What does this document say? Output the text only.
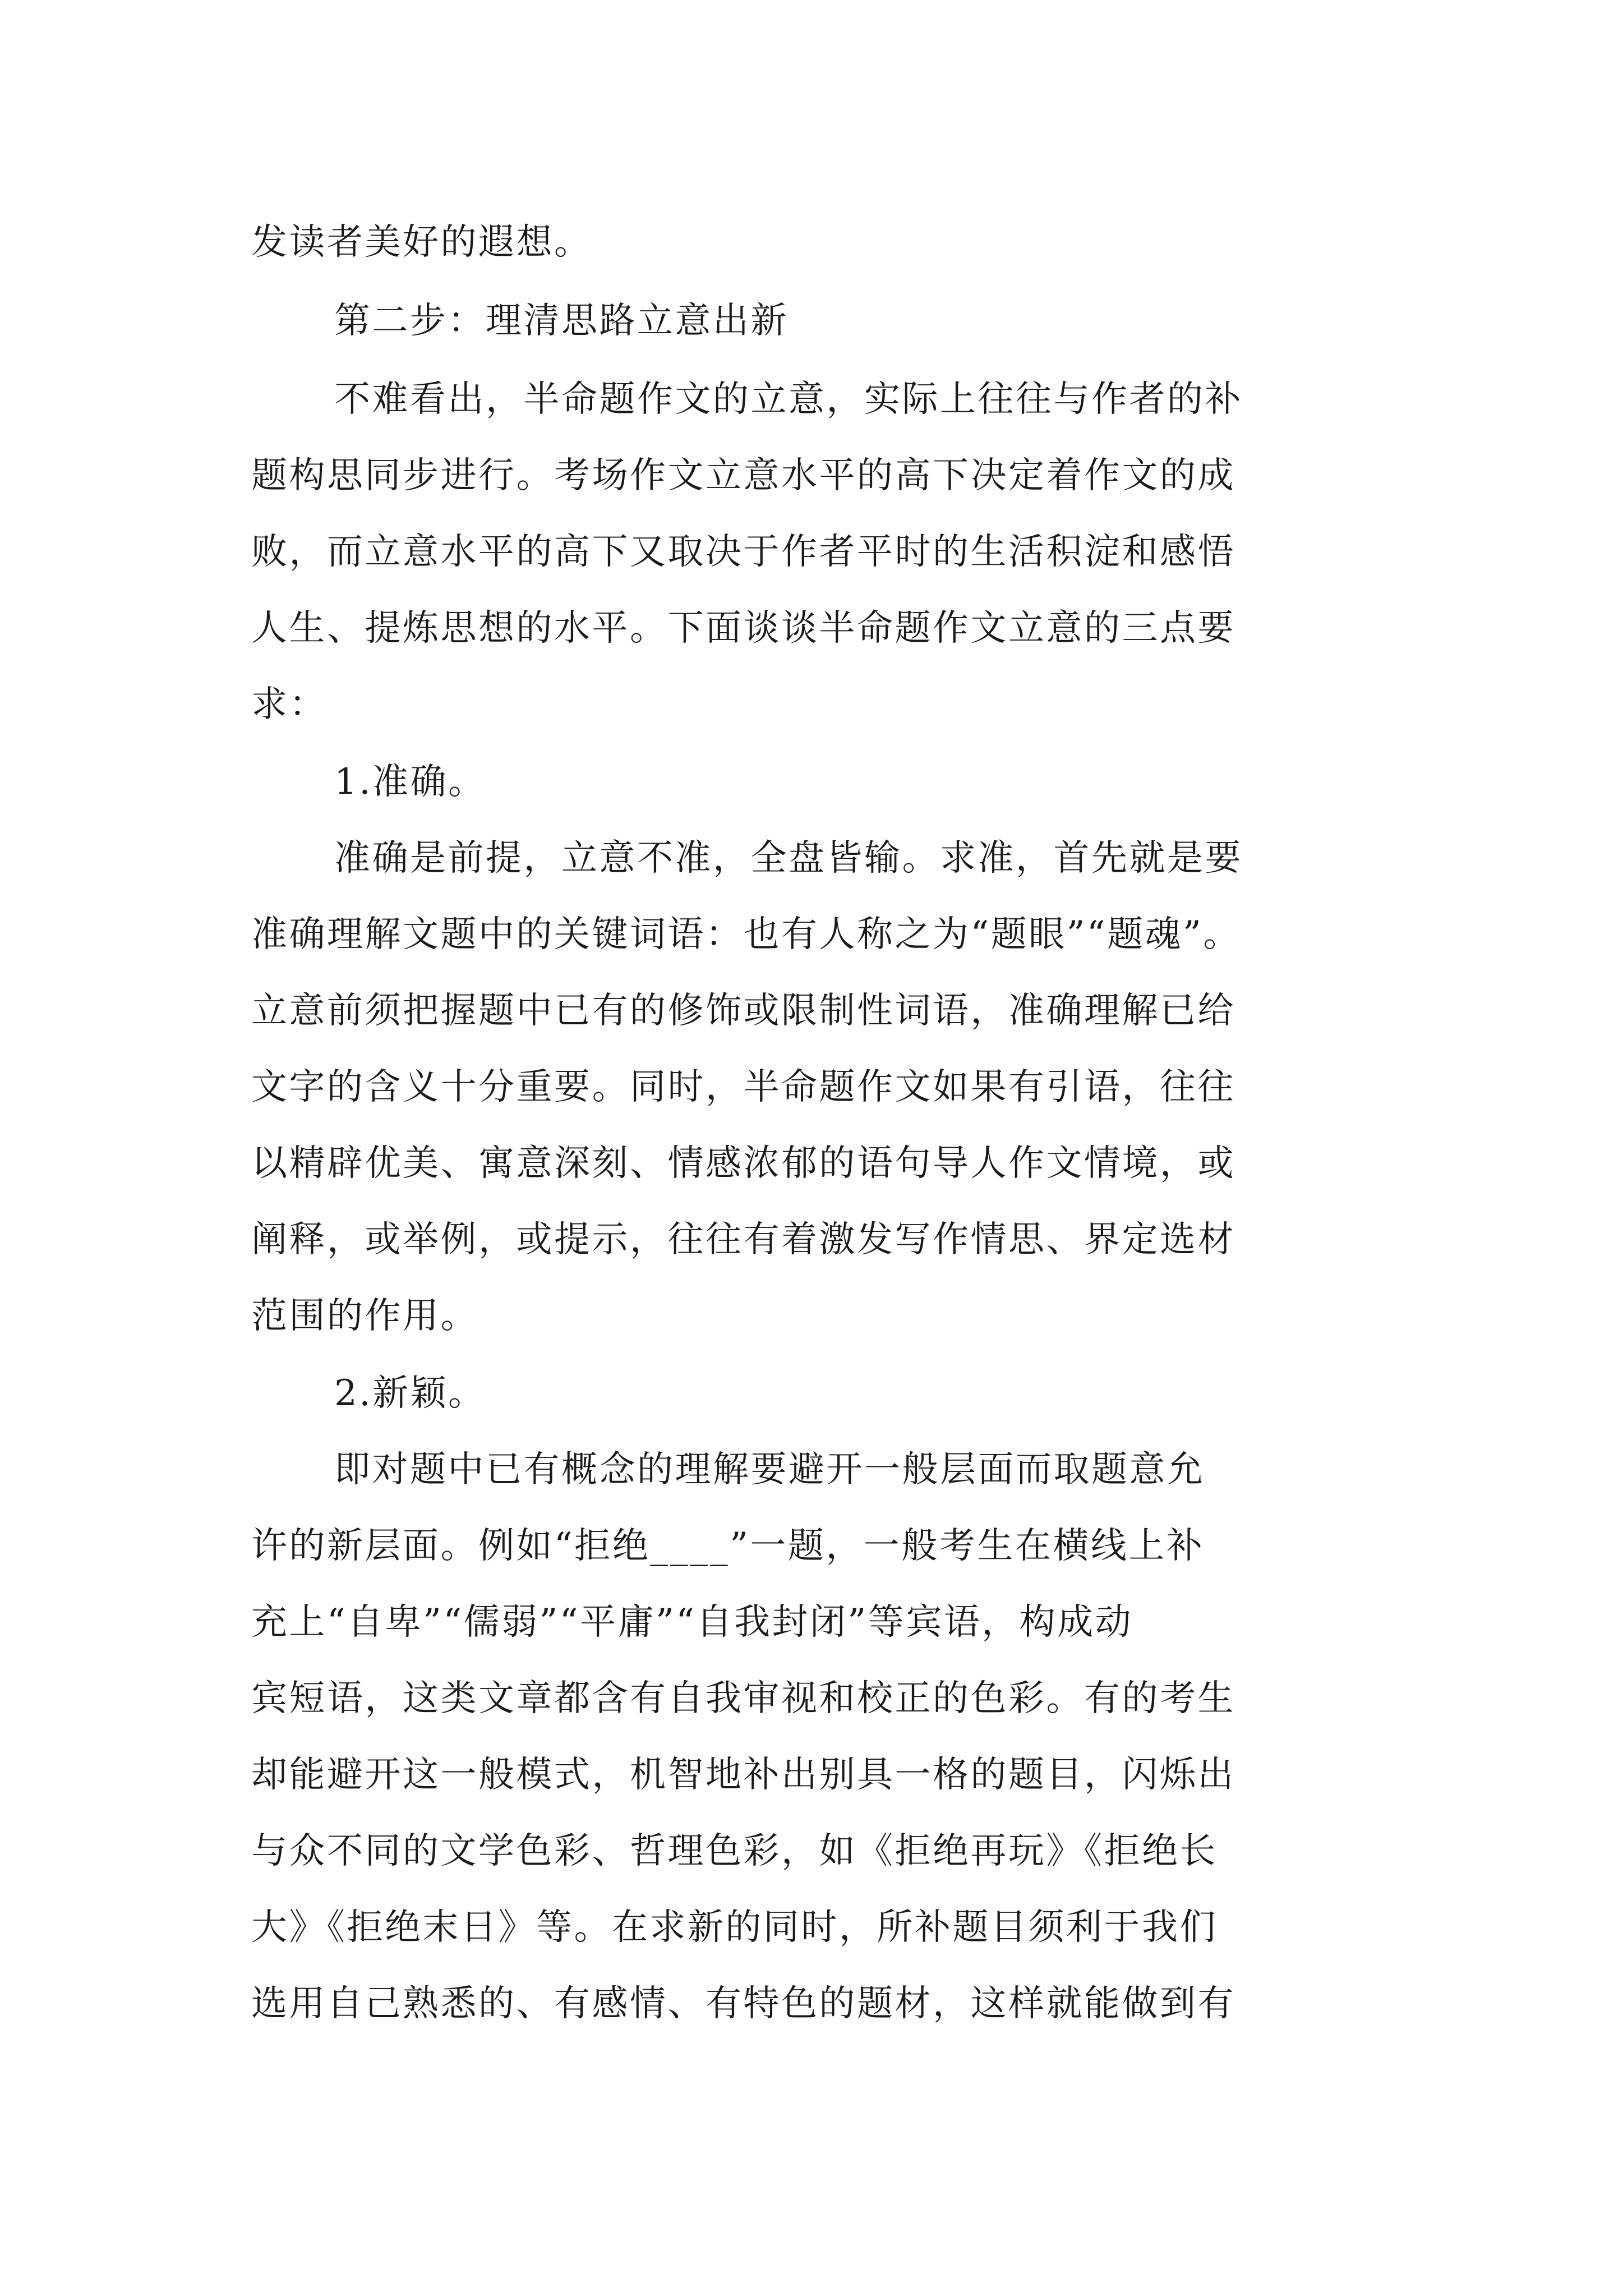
发读者美好的遐想。
第二步：理清思路立意出新
不难看出，半命题作文的立意，实际上往往与作者的补
题构思同步进行。考场作文立意水平的高下决定着作文的成
败，而立意水平的高下又取决于作者平时的生活积淀和感悟
人生、提炼思想的水平。下面谈谈半命题作文立意的三点要
求：
1.准确。
准确是前提，立意不准，全盘皆输。求准，首先就是要
准确理解文题中的关键词语：也有人称之为“题眼”“题魂”。
立意前须把握题中已有的修饰或限制性词语，准确理解已给
文字的含义十分重要。同时，半命题作文如果有引语，往往
以精辟优美、寓意深刻、情感浓郁的语句导人作文情境，或
阐释，或举例，或提示，往往有着激发写作情思、界定选材
范围的作用。
2.新颖。
即对题中已有概念的理解要避开一般层面而取题意允
许的新层面。例如“拒绝____”一题，一般考生在横线上补
充上“自卑”“儒弱”“平庸”“自我封闭”等宾语，构成动
宾短语，这类文章都含有自我审视和校正的色彩。有的考生
却能避开这一般模式，机智地补出别具一格的题目，闪烁出
与众不同的文学色彩、哲理色彩，如《拒绝再玩》《拒绝长
大》《拒绝末日》等。在求新的同时，所补题目须利于我们
选用自己熟悉的、有感情、有特色的题材，这样就能做到有
